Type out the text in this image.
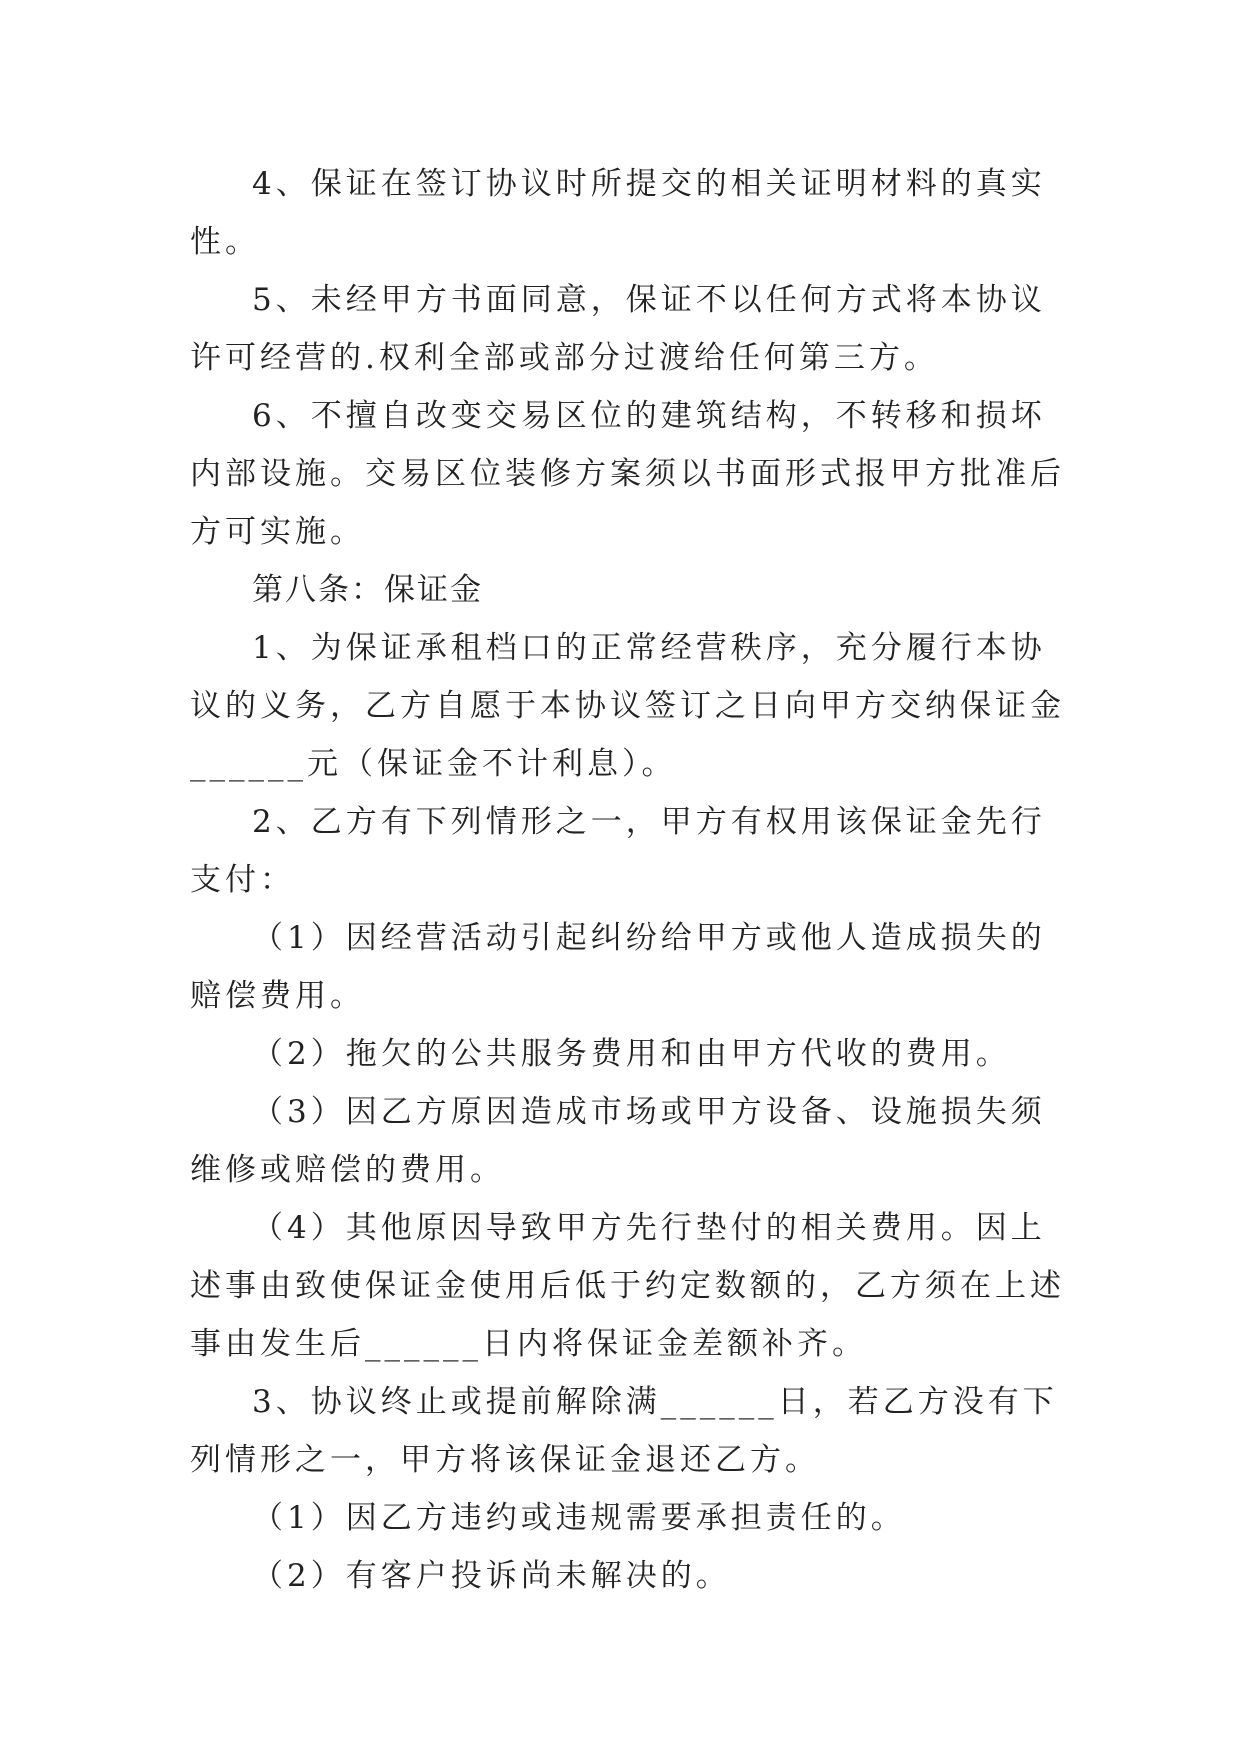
4、保证在签订协议时所提交的相关证明材料的真实性。

5、未经甲方书面同意，保证不以任何方式将本协议许可经营的.权利全部或部分过渡给任何第三方。

6、不擅自改变交易区位的建筑结构，不转移和损坏内部设施。交易区位装修方案须以书面形式报甲方批准后方可实施。

第八条：保证金

1、为保证承租档口的正常经营秩序，充分履行本协议的义务，乙方自愿于本协议签订之日向甲方交纳保证金______元（保证金不计利息）。

2、乙方有下列情形之一，甲方有权用该保证金先行支付：

（1）因经营活动引起纠纷给甲方或他人造成损失的赔偿费用。

（2）拖欠的公共服务费用和由甲方代收的费用。

（3）因乙方原因造成市场或甲方设备、设施损失须维修或赔偿的费用。

（4）其他原因导致甲方先行垫付的相关费用。因上述事由致使保证金使用后低于约定数额的，乙方须在上述事由发生后______日内将保证金差额补齐。

3、协议终止或提前解除满______日，若乙方没有下列情形之一，甲方将该保证金退还乙方。

（1）因乙方违约或违规需要承担责任的。

（2）有客户投诉尚未解决的。
